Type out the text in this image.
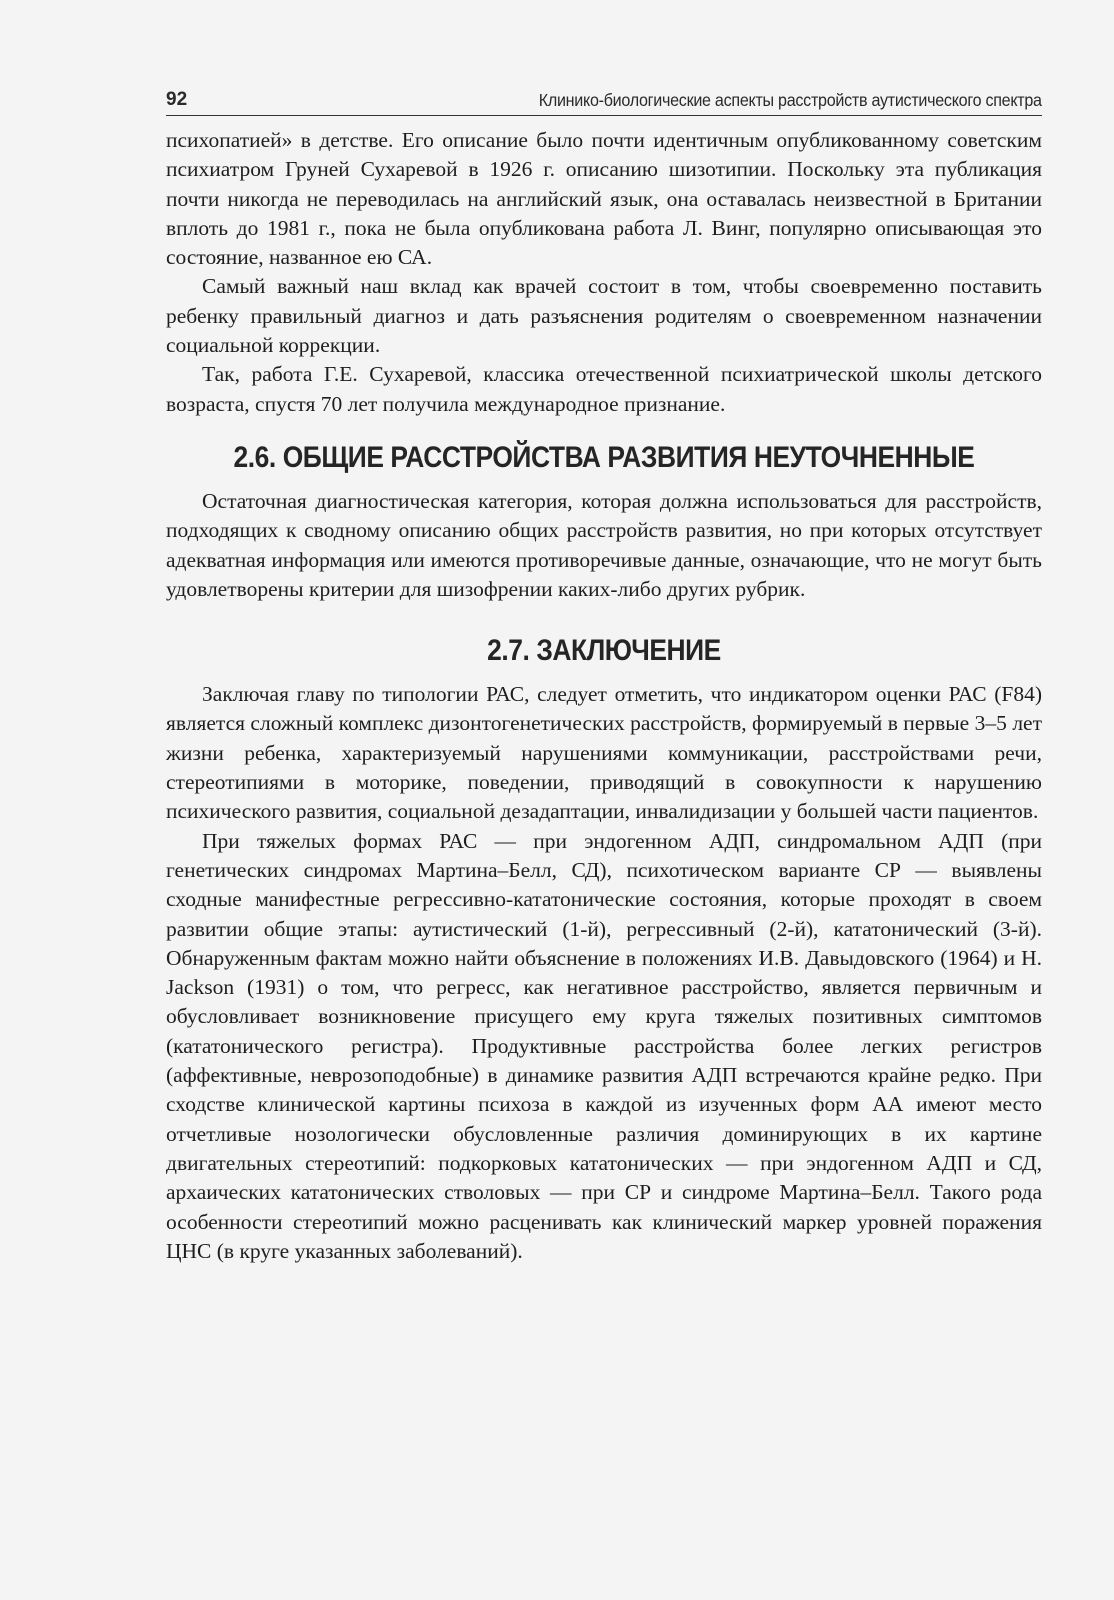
92	Клинико-биологические аспекты расстройств аутистического спектра

психопатией» в детстве. Его описание было почти идентичным опубликованному советским психиатром Груней Сухаревой в 1926 г. описанию шизотипии. Поскольку эта публикация почти никогда не переводилась на английский язык, она оставалась неизвестной в Британии вплоть до 1981 г., пока не была опубликована работа Л. Винг, популярно описывающая это состояние, названное ею СА.

Самый важный наш вклад как врачей состоит в том, чтобы своевременно поставить ребенку правильный диагноз и дать разъяснения родителям о своевременном назначении социальной коррекции.

Так, работа Г.Е. Сухаревой, классика отечественной психиатрической школы детского возраста, спустя 70 лет получила международное признание.

2.6. ОБЩИЕ РАССТРОЙСТВА РАЗВИТИЯ НЕУТОЧНЕННЫЕ

Остаточная диагностическая категория, которая должна использоваться для расстройств, подходящих к сводному описанию общих расстройств развития, но при которых отсутствует адекватная информация или имеются противоречивые данные, означающие, что не могут быть удовлетворены критерии для шизофрении каких-либо других рубрик.

2.7. ЗАКЛЮЧЕНИЕ

Заключая главу по типологии РАС, следует отметить, что индикатором оценки РАС (F84) является сложный комплекс дизонтогенетических расстройств, формируемый в первые 3–5 лет жизни ребенка, характеризуемый нарушениями коммуникации, расстройствами речи, стереотипиями в моторике, поведении, приводящий в совокупности к нарушению психического развития, социальной дезадаптации, инвалидизации у большей части пациентов.

При тяжелых формах РАС — при эндогенном АДП, синдромальном АДП (при генетических синдромах Мартина–Белл, СД), психотическом варианте СР — выявлены сходные манифестные регрессивно-кататонические состояния, которые проходят в своем развитии общие этапы: аутистический (1-й), регрессивный (2-й), кататонический (3-й). Обнаруженным фактам можно найти объяснение в положениях И.В. Давыдовского (1964) и H. Jackson (1931) о том, что регресс, как негативное расстройство, является первичным и обусловливает возникновение присущего ему круга тяжелых позитивных симптомов (кататонического регистра). Продуктивные расстройства более легких регистров (аффективные, неврозоподобные) в динамике развития АДП встречаются крайне редко. При сходстве клинической картины психоза в каждой из изученных форм АА имеют место отчетливые нозологически обусловленные различия доминирующих в их картине двигательных стереотипий: подкорковых кататонических — при эндогенном АДП и СД, архаических кататонических стволовых — при СР и синдроме Мартина–Белл. Такого рода особенности стереотипий можно расценивать как клинический маркер уровней поражения ЦНС (в круге указанных заболеваний).
